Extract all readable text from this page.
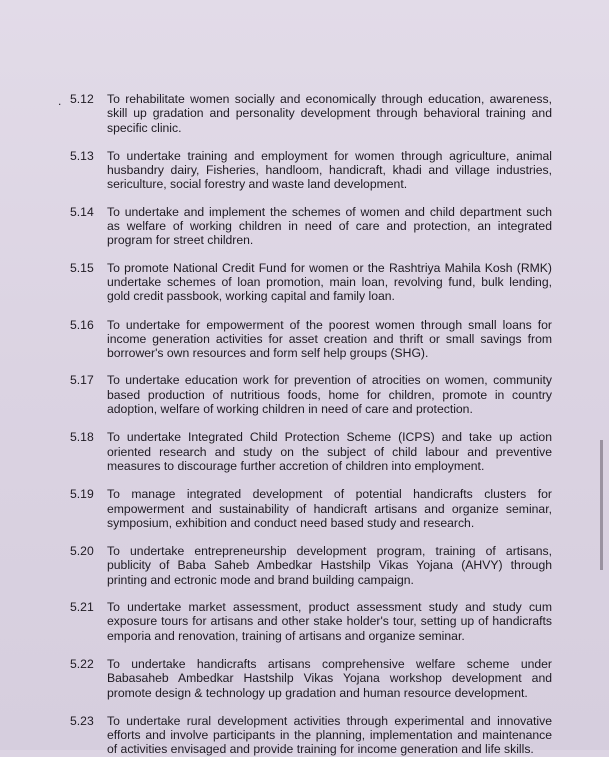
. 5.12	To rehabilitate women socially and economically through education, awareness, skill up gradation and personality development through behavioral training and specific clinic.
5.13	To undertake training and employment for women through agriculture, animal husbandry dairy, Fisheries, handloom, handicraft, khadi and village industries, sericulture, social forestry and waste land development.
5.14	To undertake and implement the schemes of women and child department such as welfare of working children in need of care and protection, an integrated program for street children.
5.15	To promote National Credit Fund for women or the Rashtriya Mahila Kosh (RMK) undertake schemes of loan promotion, main loan, revolving fund, bulk lending, gold credit passbook, working capital and family loan.
5.16	To undertake for empowerment of the poorest women through small loans for income generation activities for asset creation and thrift or small savings from borrower's own resources and form self help groups (SHG).
5.17	To undertake education work for prevention of atrocities on women, community based production of nutritious foods, home for children, promote in country adoption, welfare of working children in need of care and protection.
5.18	To undertake Integrated Child Protection Scheme (ICPS) and take up action oriented research and study on the subject of child labour and preventive measures to discourage further accretion of children into employment.
5.19	To manage integrated development of potential handicrafts clusters for empowerment and sustainability of handicraft artisans and organize seminar, symposium, exhibition and conduct need based study and research.
5.20	To undertake entrepreneurship development program, training of artisans, publicity of Baba Saheb Ambedkar Hastshilp Vikas Yojana (AHVY) through printing and ectronic mode and brand building campaign.
5.21	To undertake market assessment, product assessment study and study cum exposure tours for artisans and other stake holder's tour, setting up of handicrafts emporia and renovation, training of artisans and organize seminar.
5.22	To undertake handicrafts artisans comprehensive welfare scheme under Babasaheb Ambedkar Hastshilp Vikas Yojana workshop development and promote design & technology up gradation and human resource development.
5.23	To undertake rural development activities through experimental and innovative efforts and involve participants in the planning, implementation and maintenance of activities envisaged and provide training for income generation and life skills.
